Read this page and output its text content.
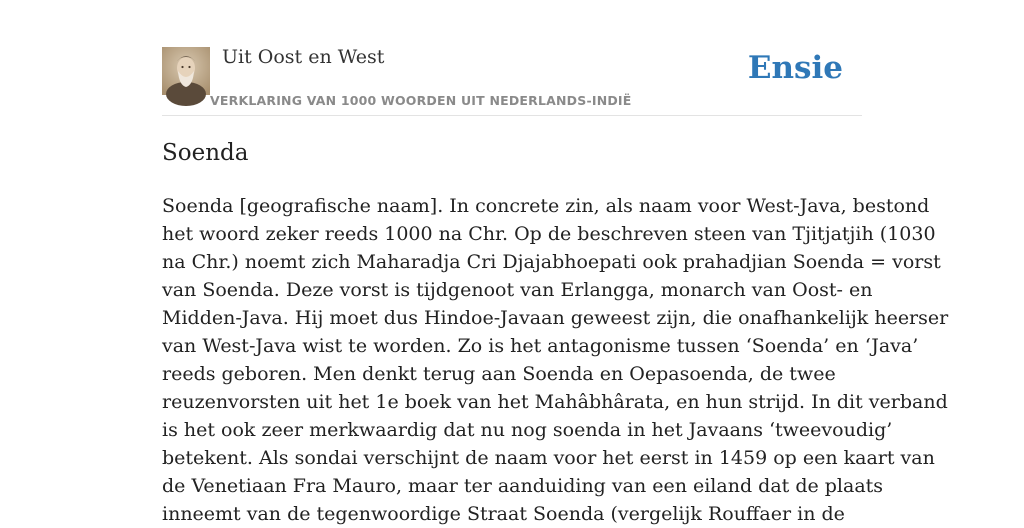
Uit Oost en West
VERKLARING VAN 1000 WOORDEN UIT NEDERLANDS-INDIË
Ensie
Soenda
Soenda [geografische naam]. In concrete zin, als naam voor West-Java, bestond
het woord zeker reeds 1000 na Chr. Op de beschreven steen van Tjitjatjih (1030
na Chr.) noemt zich Maharadja Cri Djajabhoepati ook prahadjian Soenda = vorst
van Soenda. Deze vorst is tijdgenoot van Erlangga, monarch van Oost- en
Midden-Java. Hij moet dus Hindoe-Javaan geweest zijn, die onafhankelijk heerser
van West-Java wist te worden. Zo is het antagonisme tussen ‘Soenda’ en ‘Java’
reeds geboren. Men denkt terug aan Soenda en Oepasoenda, de twee
reuzenvorsten uit het 1e boek van het Mahâbhârata, en hun strijd. In dit verband
is het ook zeer merkwaardig dat nu nog soenda in het Javaans ‘tweevoudig’
betekent. Als sondai verschijnt de naam voor het eerst in 1459 op een kaart van
de Venetiaan Fra Mauro, maar ter aanduiding van een eiland dat de plaats
inneemt van de tegenwoordige Straat Soenda (vergelijk Rouffaer in de
